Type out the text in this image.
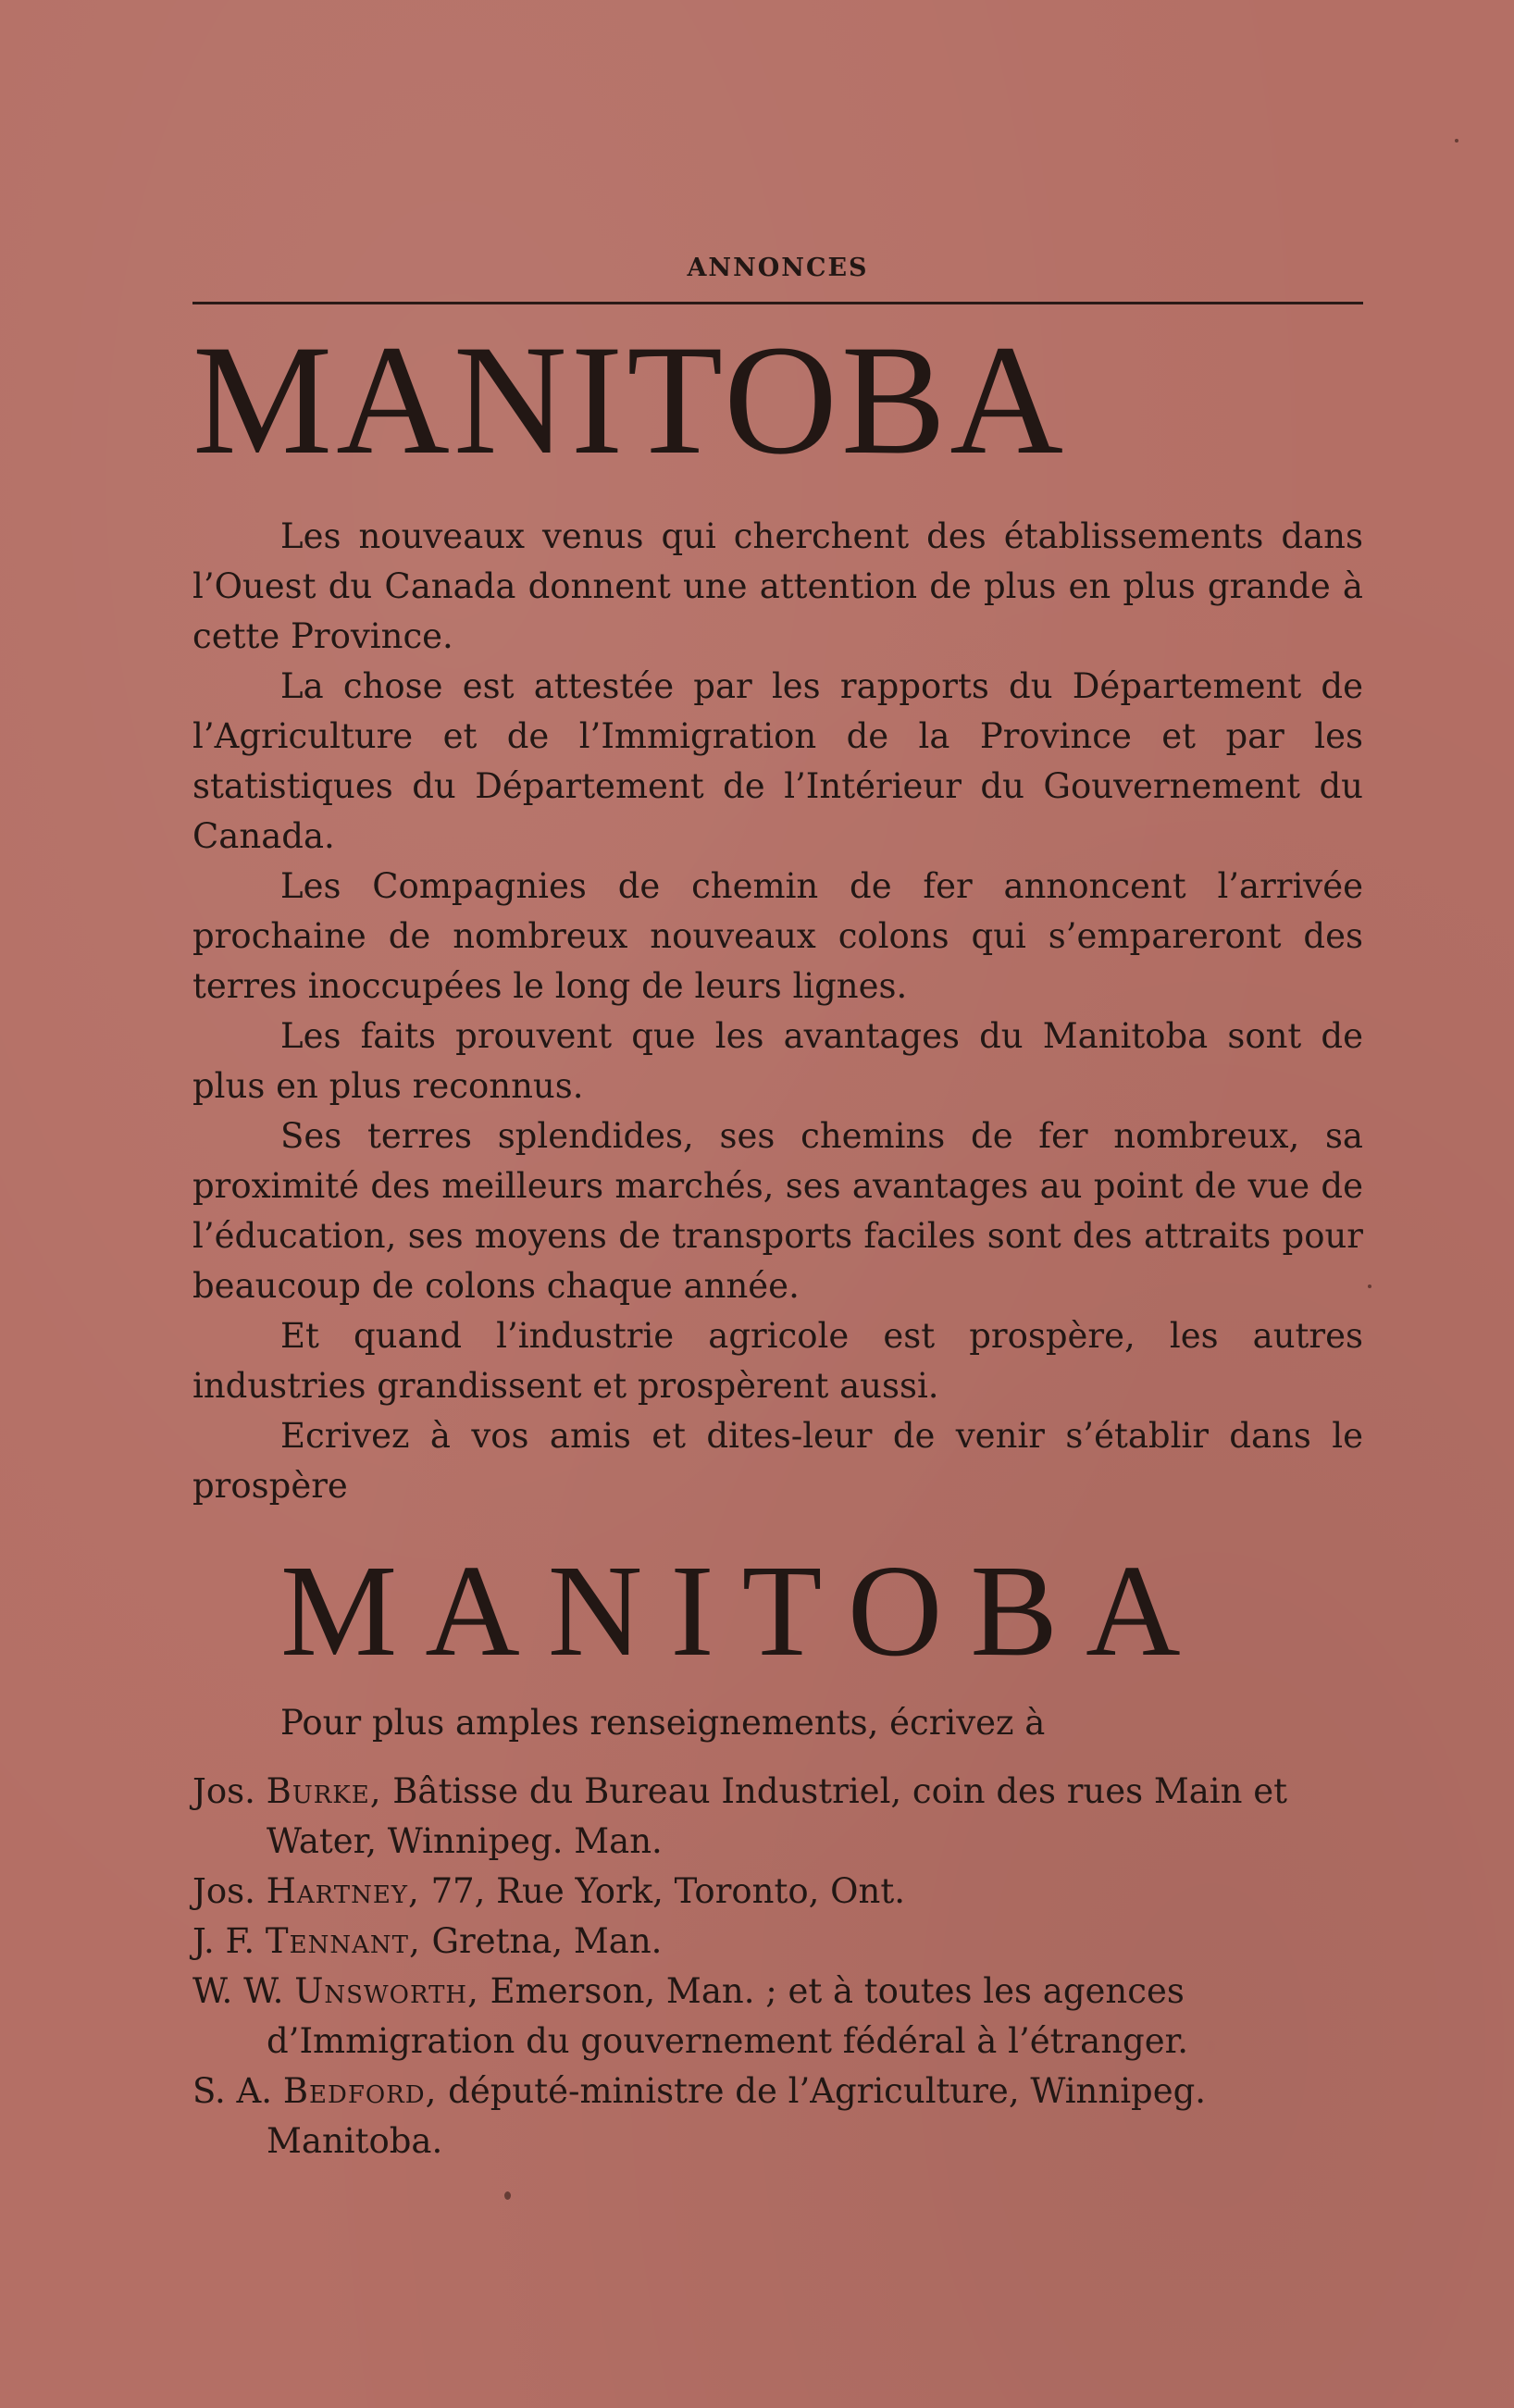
ANNONCES
MANITOBA

Les nouveaux venus qui cherchent des établissements dans l’Ouest du Canada donnent une attention de plus en plus grande à cette Province.

La chose est attestée par les rapports du Département de l’Agriculture et de l’Immigration de la Province et par les statistiques du Département de l’Intérieur du Gouvernement du Canada.

Les Compagnies de chemin de fer annoncent l’arrivée prochaine de nombreux nouveaux colons qui s’empareront des terres inoccupées le long de leurs lignes.

Les faits prouvent que les avantages du Manitoba sont de plus en plus reconnus.

Ses terres splendides, ses chemins de fer nombreux, sa proximité des meilleurs marchés, ses avantages au point de vue de l’éducation, ses moyens de transports faciles sont des attraits pour beaucoup de colons chaque année.

Et quand l’industrie agricole est prospère, les autres industries grandissent et prospèrent aussi.

Ecrivez à vos amis et dites-leur de venir s’établir dans le prospère

MANITOBA

Pour plus amples renseignements, écrivez à

Jos. Burke, Bâtisse du Bureau Industriel, coin des rues Main et Water, Winnipeg. Man.
Jos. Hartney, 77, Rue York, Toronto, Ont.
J. F. Tennant, Gretna, Man.
W. W. Unsworth, Emerson, Man. ; et à toutes les agences d’Immigration du gouvernement fédéral à l’étranger.
S. A. Bedford, député-ministre de l’Agriculture, Winnipeg. Manitoba.
